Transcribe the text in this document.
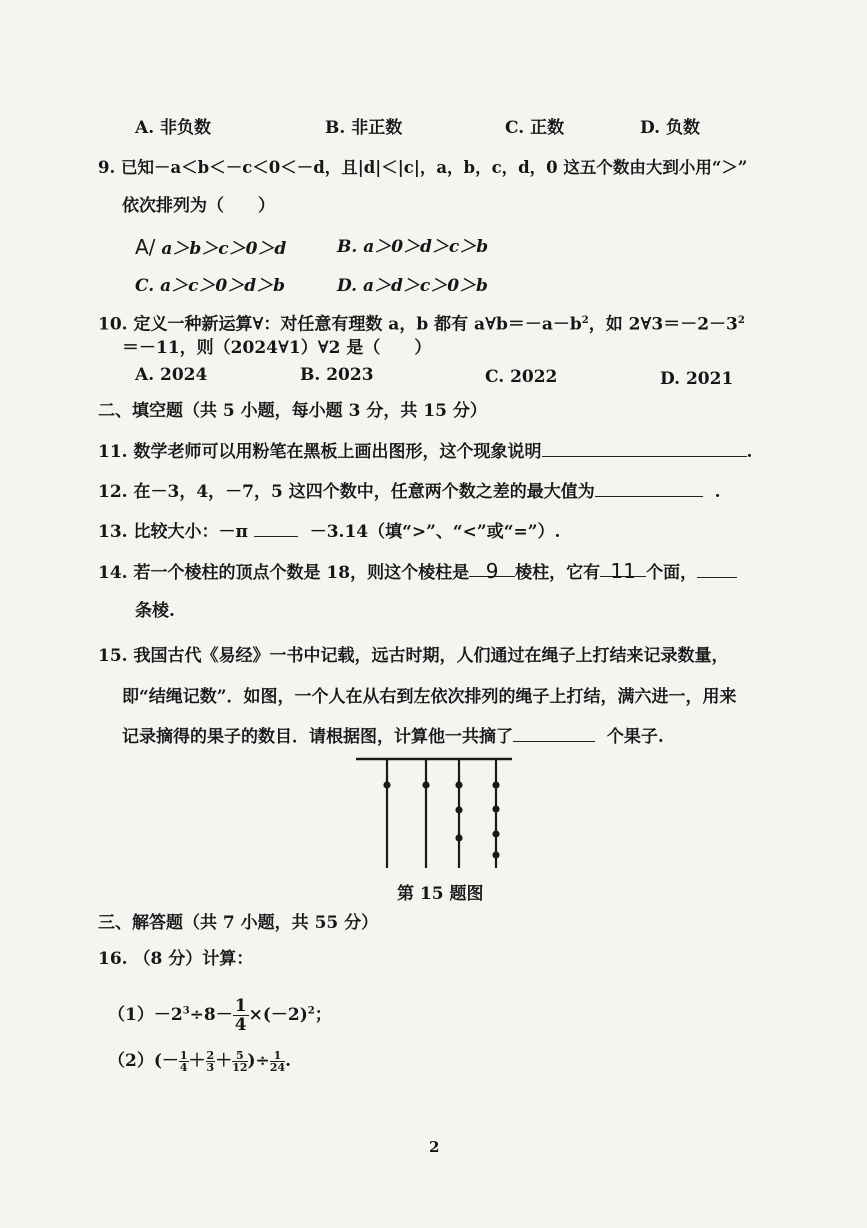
A. 非负数	B. 非正数	C. 正数	D. 负数
9. 已知－a＜b＜－c＜0＜－d，且|d|＜|c|，a，b，c，d，0 这五个数由大到小用“＞”
依次排列为（　　）
A/ a＞b＞c＞0＞d	B. a＞0＞d＞c＞b
C. a＞c＞0＞d＞b	D. a＞d＞c＞0＞b
10. 定义一种新运算∀：对任意有理数 a，b 都有 $a\forall b=-a-b^2$，如 $2\forall 3=-2-3^2$
＝－11，则（2024∀1）∀2 是（　　）
A. 2024	B. 2023	C. 2022	D. 2021
二、填空题（共 5 小题，每小题 3 分，共 15 分）
11. 数学老师可以用粉笔在黑板上画出图形，这个现象说明	.
12. 在－3，4，－7，5 这四个数中，任意两个数之差的最大值为	.
13. 比较大小：－π	－3.14（填“>”、“<”或“=”）.
14. 若一个棱柱的顶点个数是 18，则这个棱柱是 9 棱柱，它有 11 个面，
条棱.
15. 我国古代《易经》一书中记载，远古时期，人们通过在绳子上打结来记录数量，
即“结绳记数”．如图，一个人在从右到左依次排列的绳子上打结，满六进一，用来
记录摘得的果子的数目．请根据图，计算他一共摘了	个果子.
第 15 题图
三、解答题（共 7 小题，共 55 分）
16. （8 分）计算：
$(1)-2^3\div 8- \frac{1}{4} \times(-2)^2$；
$(2)(- \frac{1}{4} + \frac{2}{3} + \frac{5}{12}$ )÷ $\frac{1}{24}$ .
2
